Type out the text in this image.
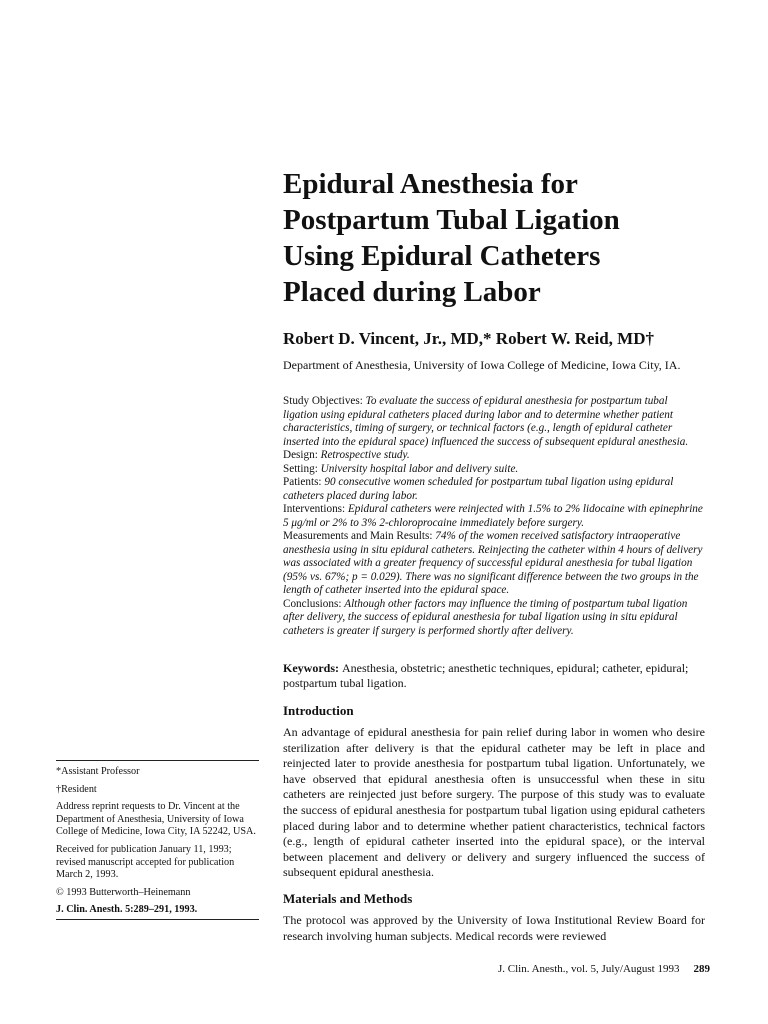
Epidural Anesthesia for
Postpartum Tubal Ligation
Using Epidural Catheters
Placed during Labor

Robert D. Vincent, Jr., MD,* Robert W. Reid, MD†

Department of Anesthesia, University of Iowa College of Medicine, Iowa City, IA.

Study Objectives: To evaluate the success of epidural anesthesia for postpartum tubal ligation using epidural catheters placed during labor and to determine whether patient characteristics, timing of surgery, or technical factors (e.g., length of epidural catheter inserted into the epidural space) influenced the success of subsequent epidural anesthesia.

Design: Retrospective study.

Setting: University hospital labor and delivery suite.

Patients: 90 consecutive women scheduled for postpartum tubal ligation using epidural catheters placed during labor.

Interventions: Epidural catheters were reinjected with 1.5% to 2% lidocaine with epinephrine 5 μg/ml or 2% to 3% 2-chloroprocaine immediately before surgery.

Measurements and Main Results: 74% of the women received satisfactory intraoperative anesthesia using in situ epidural catheters. Reinjecting the catheter within 4 hours of delivery was associated with a greater frequency of successful epidural anesthesia for tubal ligation (95% vs. 67%; p = 0.029). There was no significant difference between the two groups in the length of catheter inserted into the epidural space.

Conclusions: Although other factors may influence the timing of postpartum tubal ligation after delivery, the success of epidural anesthesia for tubal ligation using in situ epidural catheters is greater if surgery is performed shortly after delivery.

Keywords: Anesthesia, obstetric; anesthetic techniques, epidural; catheter, epidural; postpartum tubal ligation.

Introduction

An advantage of epidural anesthesia for pain relief during labor in women who desire sterilization after delivery is that the epidural catheter may be left in place and reinjected later to provide anesthesia for postpartum tubal ligation. Unfortunately, we have observed that epidural anesthesia often is unsuccessful when these in situ catheters are reinjected just before surgery. The purpose of this study was to evaluate the success of epidural anesthesia for postpartum tubal ligation using epidural catheters placed during labor and to determine whether patient characteristics, technical factors (e.g., length of epidural catheter inserted into the epidural space), or the interval between placement and delivery or delivery and surgery influenced the success of subsequent epidural anesthesia.

Materials and Methods

The protocol was approved by the University of Iowa Institutional Review Board for research involving human subjects. Medical records were reviewed

*Assistant Professor

†Resident

Address reprint requests to Dr. Vincent at the Department of Anesthesia, University of Iowa College of Medicine, Iowa City, IA 52242, USA.

Received for publication January 11, 1993; revised manuscript accepted for publication March 2, 1993.

© 1993 Butterworth–Heinemann

J. Clin. Anesth. 5:289–291, 1993.

J. Clin. Anesth., vol. 5, July/August 1993 289
